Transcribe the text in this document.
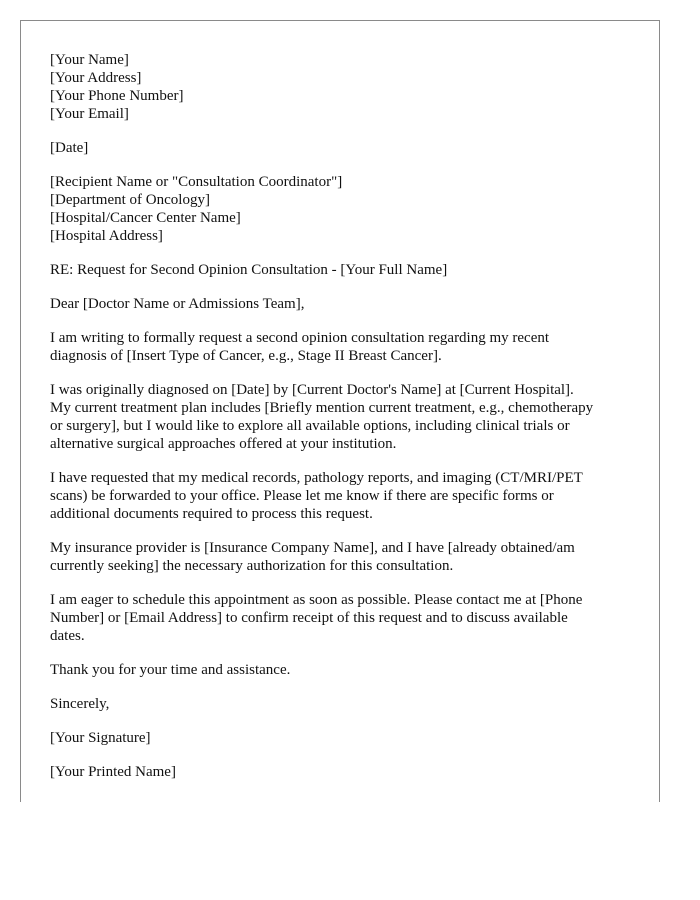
[Your Name]
[Your Address]
[Your Phone Number]
[Your Email]
[Date]
[Recipient Name or "Consultation Coordinator"]
[Department of Oncology]
[Hospital/Cancer Center Name]
[Hospital Address]
RE: Request for Second Opinion Consultation - [Your Full Name]
Dear [Doctor Name or Admissions Team],
I am writing to formally request a second opinion consultation regarding my recent
diagnosis of [Insert Type of Cancer, e.g., Stage II Breast Cancer].
I was originally diagnosed on [Date] by [Current Doctor's Name] at [Current Hospital].
My current treatment plan includes [Briefly mention current treatment, e.g., chemotherapy
or surgery], but I would like to explore all available options, including clinical trials or
alternative surgical approaches offered at your institution.
I have requested that my medical records, pathology reports, and imaging (CT/MRI/PET
scans) be forwarded to your office. Please let me know if there are specific forms or
additional documents required to process this request.
My insurance provider is [Insurance Company Name], and I have [already obtained/am
currently seeking] the necessary authorization for this consultation.
I am eager to schedule this appointment as soon as possible. Please contact me at [Phone
Number] or [Email Address] to confirm receipt of this request and to discuss available
dates.
Thank you for your time and assistance.
Sincerely,
[Your Signature]
[Your Printed Name]
